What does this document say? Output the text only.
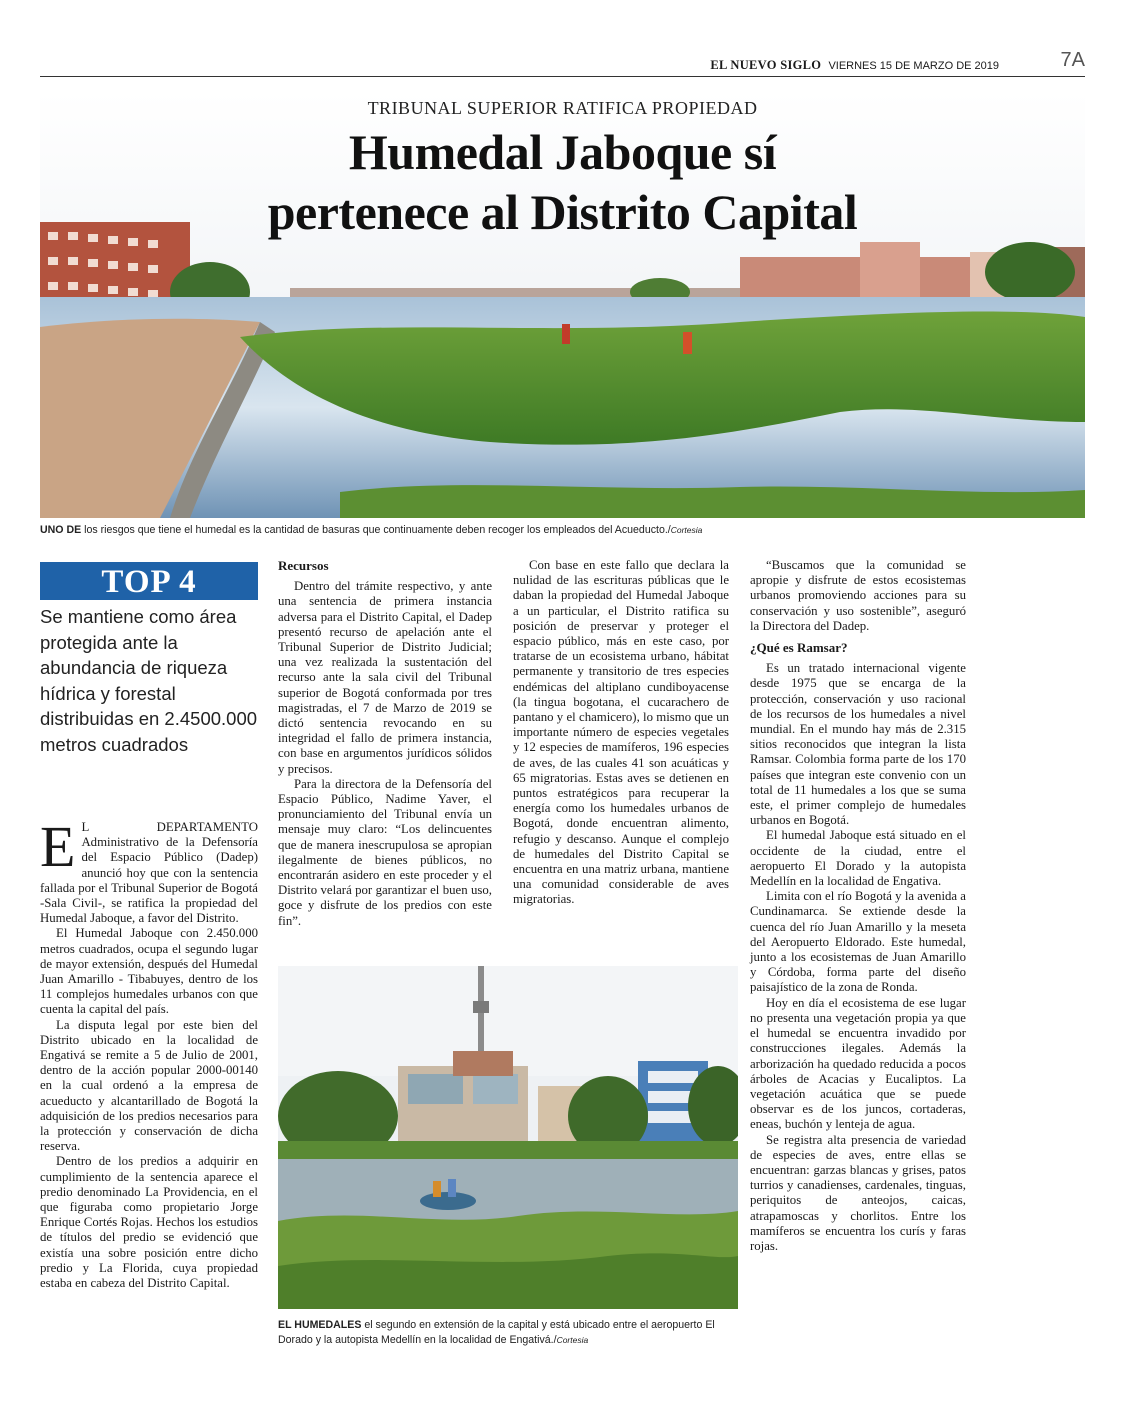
EL NUEVO SIGLO VIERNES 15 DE MARZO DE 2019	7A
TRIBUNAL SUPERIOR RATIFICA PROPIEDAD
Humedal Jaboque sí
pertenece al Distrito Capital
UNO DE los riesgos que tiene el humedal es la cantidad de basuras que continuamente deben recoger los empleados del Acueducto./Cortesia
TOP 4
Se mantiene como área protegida ante la abundancia de riqueza hídrica y forestal distribuidas en 2.4500.000 metros cuadrados

E L DEPARTAMENTO Administrativo de la Defensoría del Espacio Público (Dadep) anunció hoy que con la sentencia fallada por el Tribunal Superior de Bogotá -Sala Civil-, se ratifica la propiedad del Humedal Jaboque, a favor del Distrito.

El Humedal Jaboque con 2.450.000 metros cuadrados, ocupa el segundo lugar de mayor extensión, después del Humedal Juan Amarillo - Tibabuyes, dentro de los 11 complejos humedales urbanos con que cuenta la capital del país.

La disputa legal por este bien del Distrito ubicado en la localidad de Engativá se remite a 5 de Julio de 2001, dentro de la acción popular 2000-00140 en la cual ordenó a la empresa de acueducto y alcantarillado de Bogotá la adquisición de los predios necesarios para la protección y conservación de dicha reserva.

Dentro de los predios a adquirir en cumplimiento de la sentencia aparece el predio denominado La Providencia, en el que figuraba como propietario Jorge Enrique Cortés Rojas. Hechos los estudios de títulos del predio se evidenció que existía una sobre posición entre dicho predio y La Florida, cuya propiedad estaba en cabeza del Distrito Capital.

Recursos

Dentro del trámite respectivo, y ante una sentencia de primera instancia adversa para el Distrito Capital, el Dadep presentó recurso de apelación ante el Tribunal Superior de Distrito Judicial; una vez realizada la sustentación del recurso ante la sala civil del Tribunal superior de Bogotá conformada por tres magistradas, el 7 de Marzo de 2019 se dictó sentencia revocando en su integridad el fallo de primera instancia, con base en argumentos jurídicos sólidos y precisos.

Para la directora de la Defensoría del Espacio Público, Nadime Yaver, el pronunciamiento del Tribunal envía un mensaje muy claro: “Los delincuentes que de manera inescrupulosa se apropian ilegalmente de bienes públicos, no encontrarán asidero en este proceder y el Distrito velará por garantizar el buen uso, goce y disfrute de los predios con este fin”.

Con base en este fallo que declara la nulidad de las escrituras públicas que le daban la propiedad del Humedal Jaboque a un particular, el Distrito ratifica su posición de preservar y proteger el espacio público, más en este caso, por tratarse de un ecosistema urbano, hábitat permanente y transitorio de tres especies endémicas del altiplano cundiboyacense (la tingua bogotana, el cucarachero de pantano y el chamicero), lo mismo que un importante número de especies vegetales y 12 especies de mamíferos, 196 especies de aves, de las cuales 41 son acuáticas y 65 migratorias. Estas aves se detienen en puntos estratégicos para recuperar la energía como los humedales urbanos de Bogotá, donde encuentran alimento, refugio y descanso. Aunque el complejo de humedales del Distrito Capital se encuentra en una matriz urbana, mantiene una comunidad considerable de aves migratorias.

“Buscamos que la comunidad se apropie y disfrute de estos ecosistemas urbanos promoviendo acciones para su conservación y uso sostenible”, aseguró la Directora del Dadep.

¿Qué es Ramsar?

Es un tratado internacional vigente desde 1975 que se encarga de la protección, conservación y uso racional de los recursos de los humedales a nivel mundial. En el mundo hay más de 2.315 sitios reconocidos que integran la lista Ramsar. Colombia forma parte de los 170 países que integran este convenio con un total de 11 humedales a los que se suma este, el primer complejo de humedales urbanos en Bogotá.

El humedal Jaboque está situado en el occidente de la ciudad, entre el aeropuerto El Dorado y la autopista Medellín en la localidad de Engativa.

Limita con el río Bogotá y la avenida a Cundinamarca. Se extiende desde la cuenca del río Juan Amarillo y la meseta del Aeropuerto Eldorado. Este humedal, junto a los ecosistemas de Juan Amarillo y Córdoba, forma parte del diseño paisajístico de la zona de Ronda.

Hoy en día el ecosistema de ese lugar no presenta una vegetación propia ya que el humedal se encuentra invadido por construcciones ilegales. Además la arborización ha quedado reducida a pocos árboles de Acacias y Eucaliptos. La vegetación acuática que se puede observar es de los juncos, cortaderas, eneas, buchón y lenteja de agua.

Se registra alta presencia de variedad de especies de aves, entre ellas se encuentran: garzas blancas y grises, patos turrios y canadienses, cardenales, tinguas, periquitos de anteojos, caicas, atrapamoscas y chorlitos. Entre los mamíferos se encuentra los curís y faras rojas.

EL HUMEDALES el segundo en extensión de la capital y está ubicado entre el aeropuerto El Dorado y la autopista Medellín en la localidad de Engativá./Cortesia
